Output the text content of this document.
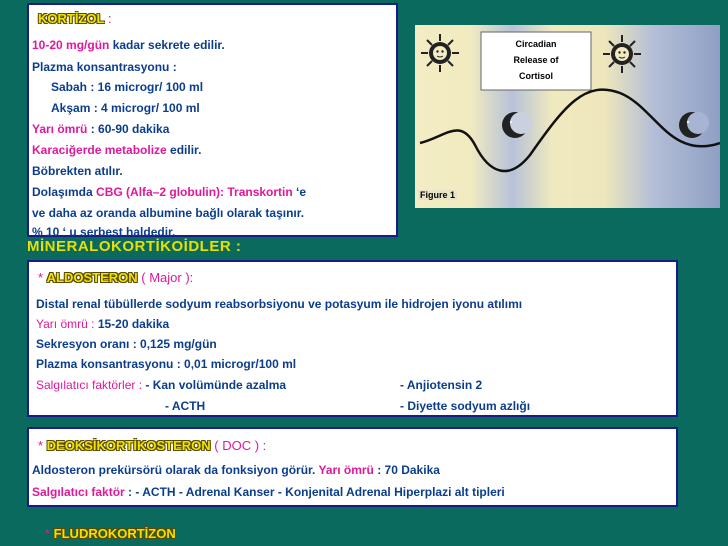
KORTİZOL :
10-20 mg/gün kadar sekrete edilir.
Plazma konsantrasyonu :
Sabah : 16 microgr/ 100 ml
Akşam : 4 microgr/ 100 ml
Yarı ömrü : 60-90 dakika
Karaciğerde metabolize edilir.
Böbrekten atılır.
Dolaşımda CBG (Alfa–2 globulin): Transkortin ‘e
ve daha az oranda albumine bağlı olarak taşınır.
% 10 ‘ u serbest haldedir.
Circadian
Release of
Cortisol
Figure 1
MİNERALOKORTİKOİDLER :
* ALDOSTERON ( Major ):
Distal renal tübüllerde sodyum reabsorbsiyonu ve potasyum ile hidrojen iyonu atılımı
Yarı ömrü : 15-20 dakika
Sekresyon oranı : 0,125 mg/gün
Plazma konsantrasyonu : 0,01 microgr/100 ml
Salgılatıcı faktörler : - Kan volümünde azalma	- Anjiotensin 2
- ACTH	- Diyette sodyum azlığı
* DEOKSİKORTİKOSTERON ( DOC ) :
Aldosteron prekürsörü olarak da fonksiyon görür. Yarı ömrü : 70 Dakika
Salgılatıcı faktör : - ACTH - Adrenal Kanser - Konjenital Adrenal Hiperplazi alt tipleri
* FLUDROKORTİZON
